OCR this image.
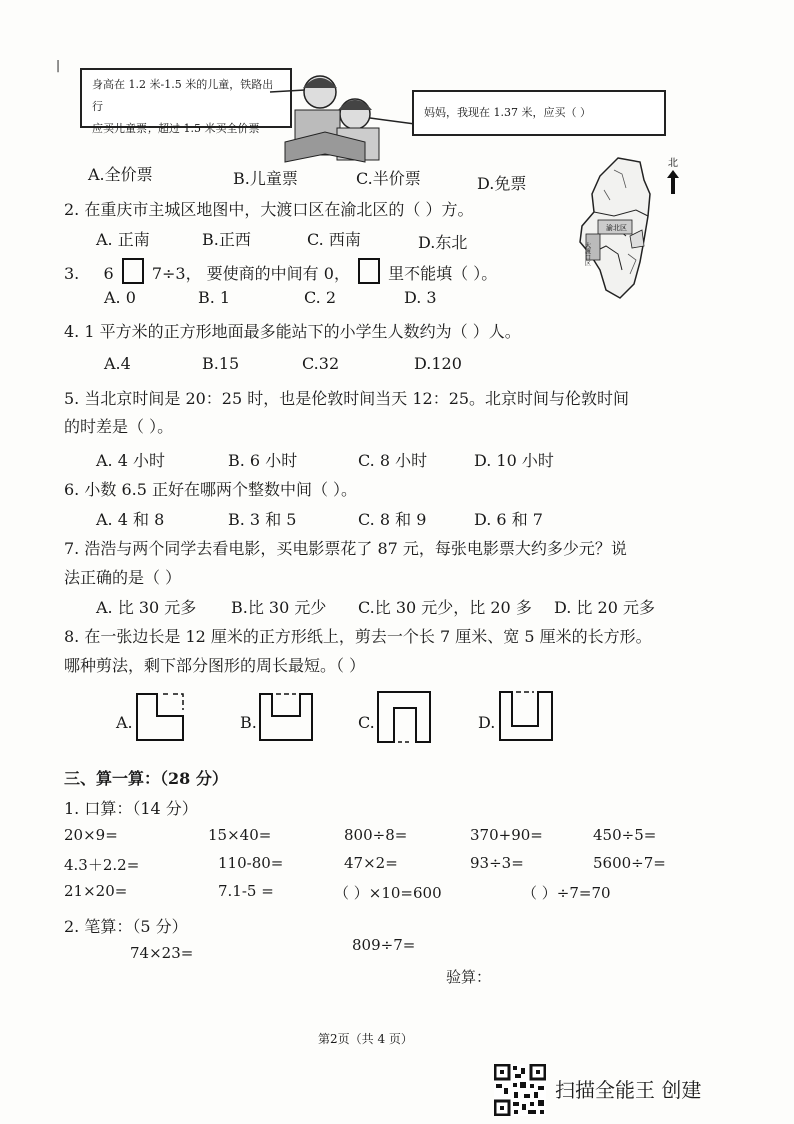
|
身高在 1.2 米-1.5 米的儿童，铁路出行
应买儿童票；超过 1.5 米买全价票
妈妈，我现在 1.37 米，应买（ ）
A.全价票	B.儿童票	C.半价票	D.免票
2. 在重庆市主城区地图中，大渡口区在渝北区的（ ）方。
A. 正南	B.正西	C. 西南	D.东北
北
渝北区
大渡口区
3. 6 7÷3， 要使商的中间有 0， 里不能填（ ）。
A. 0	B. 1	C. 2	D. 3
4. 1 平方米的正方形地面最多能站下的小学生人数约为（ ）人。
A.4	B.15	C.32	D.120
5. 当北京时间是 20：25 时，也是伦敦时间当天 12：25。北京时间与伦敦时间
的时差是（ ）。
A. 4 小时	B. 6 小时	C. 8 小时	D. 10 小时
6. 小数 6.5 正好在哪两个整数中间（ ）。
A. 4 和 8	B. 3 和 5	C. 8 和 9	D. 6 和 7
7. 浩浩与两个同学去看电影，买电影票花了 87 元，每张电影票大约多少元？说
法正确的是（ ）
A. 比 30 元多 B.比 30 元少 C.比 30 元少，比 20 多 D. 比 20 元多
8. 在一张边长是 12 厘米的正方形纸上，剪去一个长 7 厘米、宽 5 厘米的长方形。
哪种剪法，剩下部分图形的周长最短。（ ）
A.	B.	C.	D.
三、算一算：（28 分）
1. 口算：（14 分）
20×9=	15×40=	800÷8=	370+90=	450÷5=
4.3＋2.2=	110-80=	47×2=	93÷3=	5600÷7=
21×20=	7.1-5 =	（ ）×10=600	（ ）÷7=70
2. 笔算：（5 分）
74×23=	809÷7=
验算：
第2页（共 4 页）
扫描全能王 创建
